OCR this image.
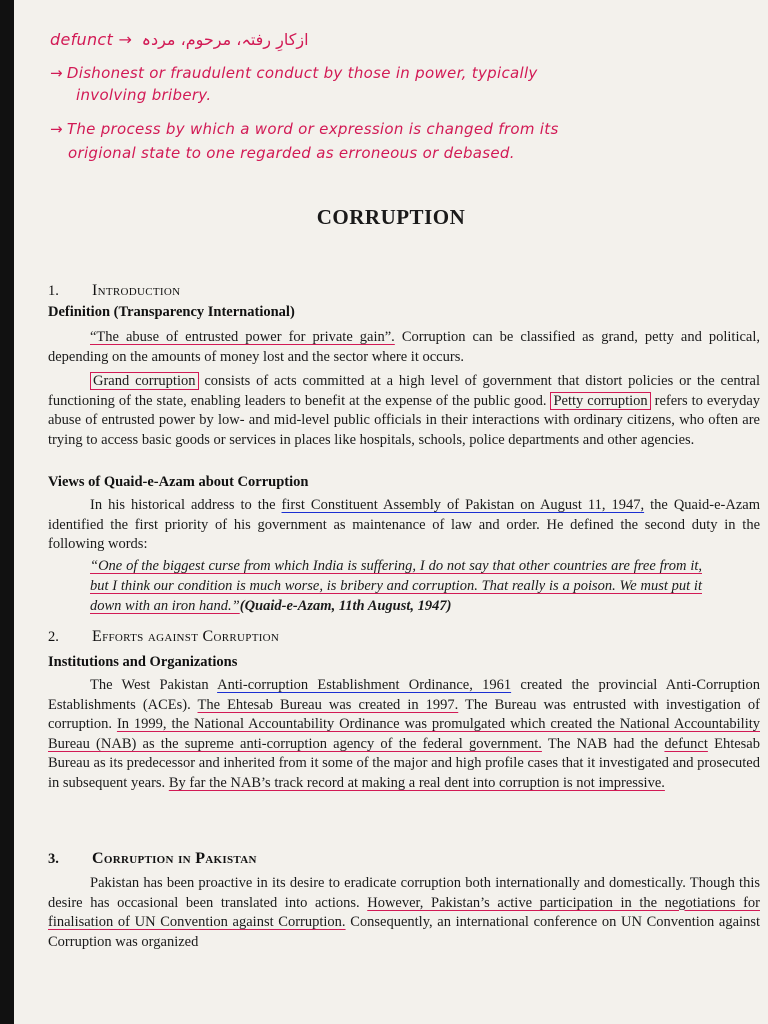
defunct → ازکارِ رفتہ، مرحوم، مردہ
→ Dishonest or fraudulent conduct by those in power, typically
involving bribery.
→ The process by which a word or expression is changed from its
origional state to one regarded as erroneous or debased.
CORRUPTION
1. Introduction
Definition (Transparency International)
“The abuse of entrusted power for private gain”. Corruption can be classified as grand, petty and political, depending on the amounts of money lost and the sector where it occurs.
Grand corruption consists of acts committed at a high level of government that distort policies or the central functioning of the state, enabling leaders to benefit at the expense of the public good. Petty corruption refers to everyday abuse of entrusted power by low- and mid-level public officials in their interactions with ordinary citizens, who often are trying to access basic goods or services in places like hospitals, schools, police departments and other agencies.
Views of Quaid-e-Azam about Corruption
In his historical address to the first Constituent Assembly of Pakistan on August 11, 1947, the Quaid-e-Azam identified the first priority of his government as maintenance of law and order. He defined the second duty in the following words:
“One of the biggest curse from which India is suffering, I do not say that other countries are free from it, but I think our condition is much worse, is bribery and corruption. That really is a poison. We must put it down with an iron hand.”(Quaid-e-Azam, 11th August, 1947)
2. Efforts against Corruption
Institutions and Organizations
The West Pakistan Anti-corruption Establishment Ordinance, 1961 created the provincial Anti-Corruption Establishments (ACEs). The Ehtesab Bureau was created in 1997. The Bureau was entrusted with investigation of corruption. In 1999, the National Accountability Ordinance was promulgated which created the National Accountability Bureau (NAB) as the supreme anti-corruption agency of the federal government. The NAB had the defunct Ehtesab Bureau as its predecessor and inherited from it some of the major and high profile cases that it investigated and prosecuted in subsequent years. By far the NAB’s track record at making a real dent into corruption is not impressive.
3. Corruption in Pakistan
Pakistan has been proactive in its desire to eradicate corruption both internationally and domestically. Though this desire has occasional been translated into actions. However, Pakistan’s active participation in the negotiations for finalisation of UN Convention against Corruption. Consequently, an international conference on UN Convention against Corruption was organized
